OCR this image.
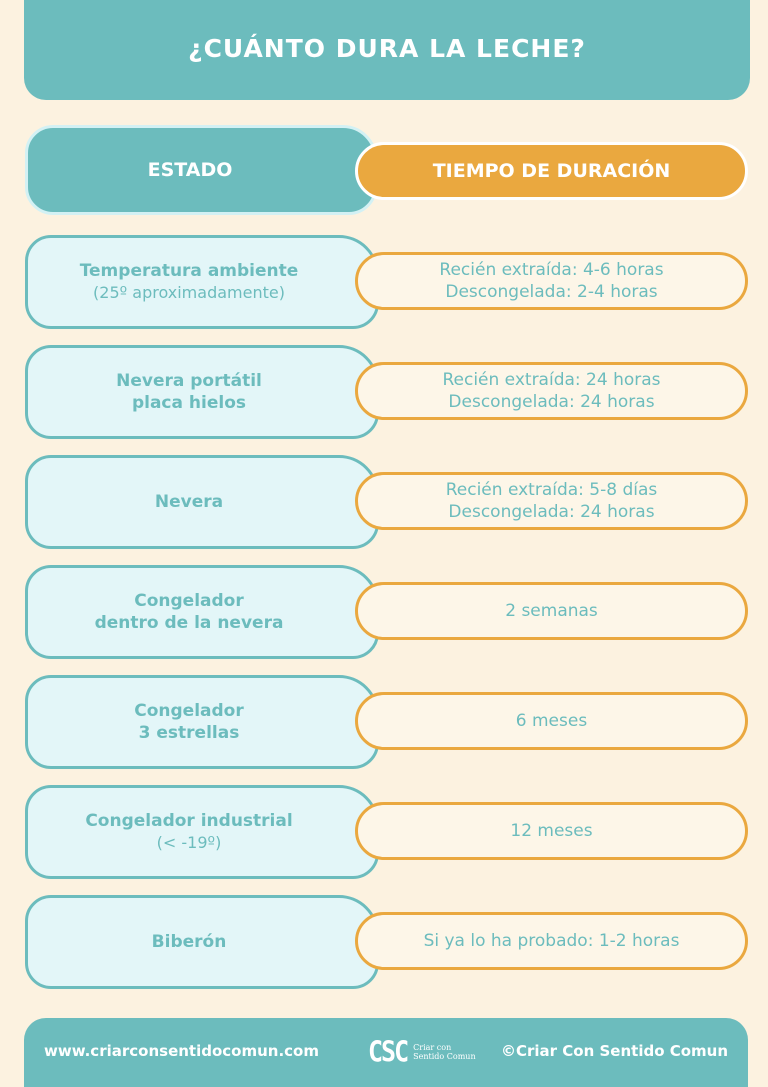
¿CUÁNTO DURA LA LECHE?
ESTADO	TIEMPO DE DURACIÓN
Temperatura ambiente
(25º aproximadamente)
Recién extraída: 4-6 horas
Descongelada: 2-4 horas
Nevera portátil
placa hielos
Recién extraída: 24 horas
Descongelada: 24 horas
Nevera
Recién extraída: 5-8 días
Descongelada: 24 horas
Congelador
dentro de la nevera
2 semanas
Congelador
3 estrellas
6 meses
Congelador industrial
(< -19º)
12 meses
Biberón	Si ya lo ha probado: 1-2 horas
www.criarconsentidocomun.com CSC Criar con
Sentido Comun ©Criar Con Sentido Comun
